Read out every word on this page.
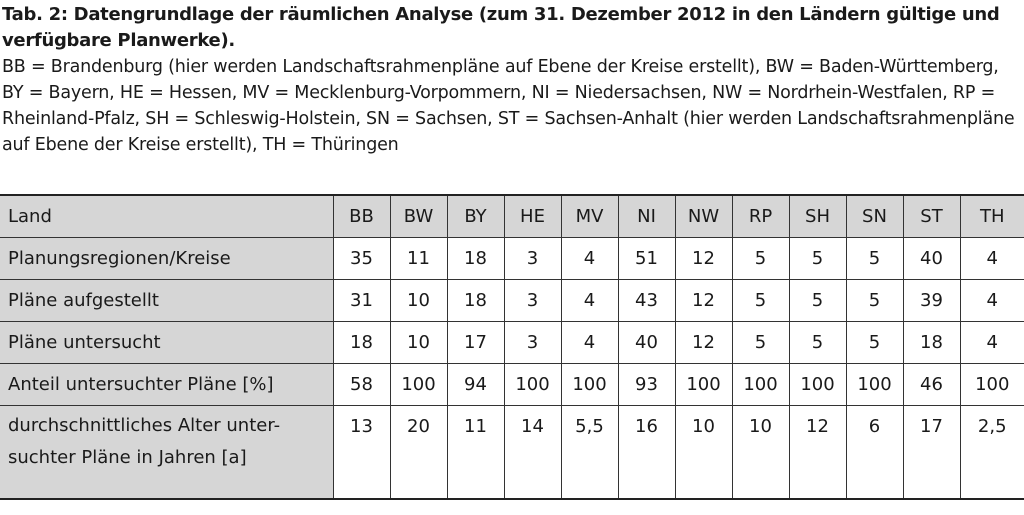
Tab. 2: Datengrundlage der räumlichen Analyse (zum 31. Dezember 2012 in den Ländern gültige und verfügbare Planwerke).

BB = Brandenburg (hier werden Landschaftsrahmenpläne auf Ebene der Kreise erstellt), BW = Baden-Württemberg, BY = Bayern, HE = Hessen, MV = Mecklenburg-Vorpommern, NI = Niedersachsen, NW = Nordrhein-Westfalen, RP = Rheinland-Pfalz, SH = Schleswig-Holstein, SN = Sachsen, ST = Sachsen-Anhalt (hier werden Landschaftsrahmenpläne auf Ebene der Kreise erstellt), TH = Thüringen

Land	BB	BW	BY	HE	MV	NI	NW	RP	SH	SN	ST	TH
Planungsregionen/Kreise	35	11	18	3	4	51	12	5	5	5	40	4
Pläne aufgestellt	31	10	18	3	4	43	12	5	5	5	39	4
Pläne untersucht	18	10	17	3	4	40	12	5	5	5	18	4
Anteil untersuchter Pläne [%]	58	100	94	100	100	93	100	100	100	100	46	100
durchschnittliches Alter unter-
suchter Pläne in Jahren [a]	13	20	11	14	5,5	16	10	10	12	6	17	2,5
